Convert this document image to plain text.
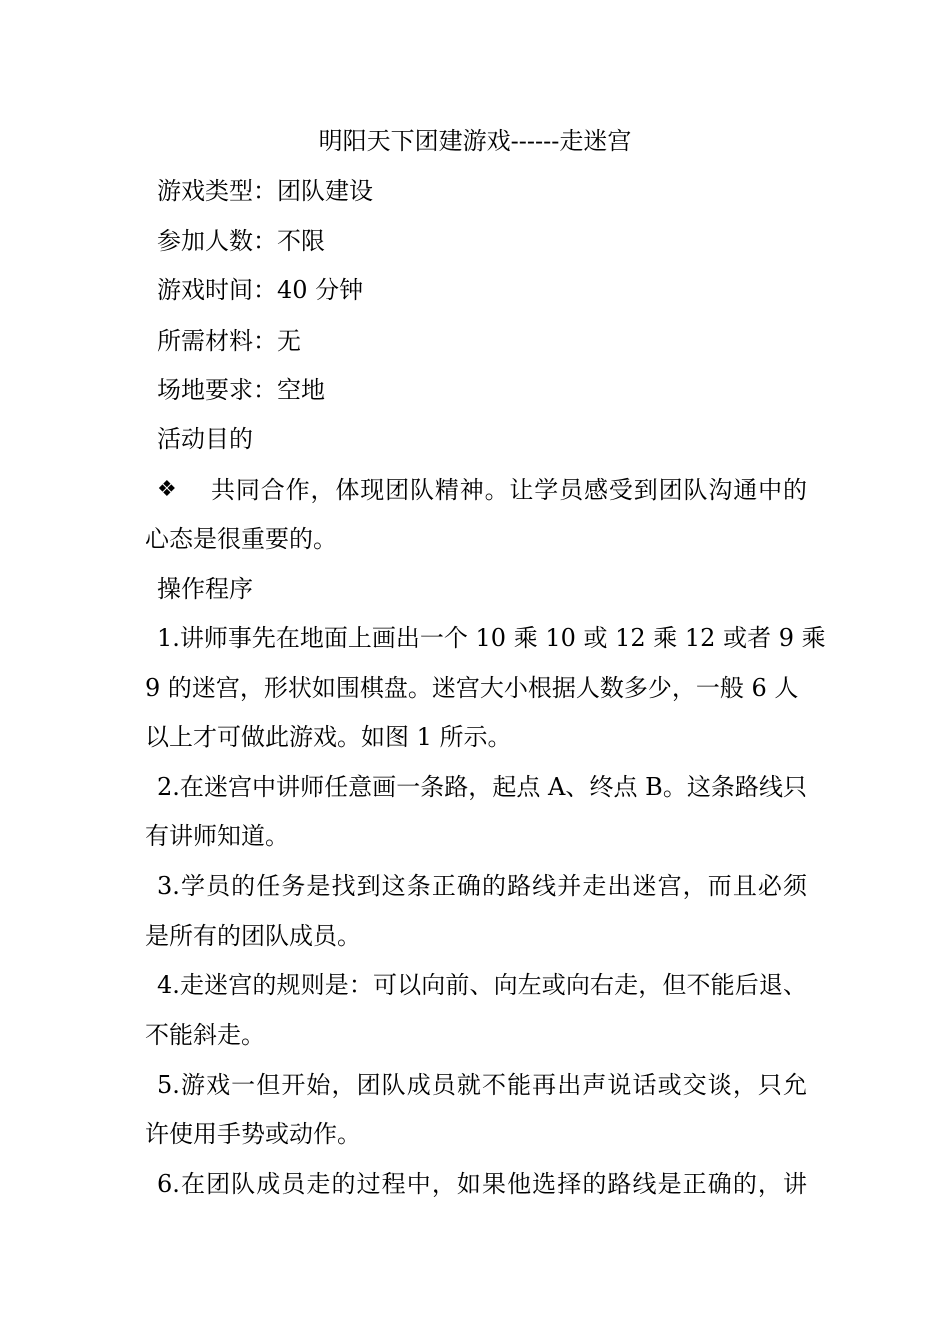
明阳天下团建游戏------走迷宫
游戏类型：团队建设
参加人数：不限
游戏时间：40 分钟
所需材料：无
场地要求：空地
活动目的
❖ 共同合作，体现团队精神。让学员感受到团队沟通中的
心态是很重要的。
操作程序
1.讲师事先在地面上画出一个 10 乘 10 或 12 乘 12 或者 9 乘
9 的迷宫，形状如围棋盘。迷宫大小根据人数多少，一般 6 人
以上才可做此游戏。如图 1 所示。
2.在迷宫中讲师任意画一条路，起点 A、终点 B。这条路线只
有讲师知道。
3.学员的任务是找到这条正确的路线并走出迷宫，而且必须
是所有的团队成员。
4.走迷宫的规则是：可以向前、向左或向右走，但不能后退、
不能斜走。
5.游戏一但开始，团队成员就不能再出声说话或交谈，只允
许使用手势或动作。
6.在团队成员走的过程中，如果他选择的路线是正确的，讲
